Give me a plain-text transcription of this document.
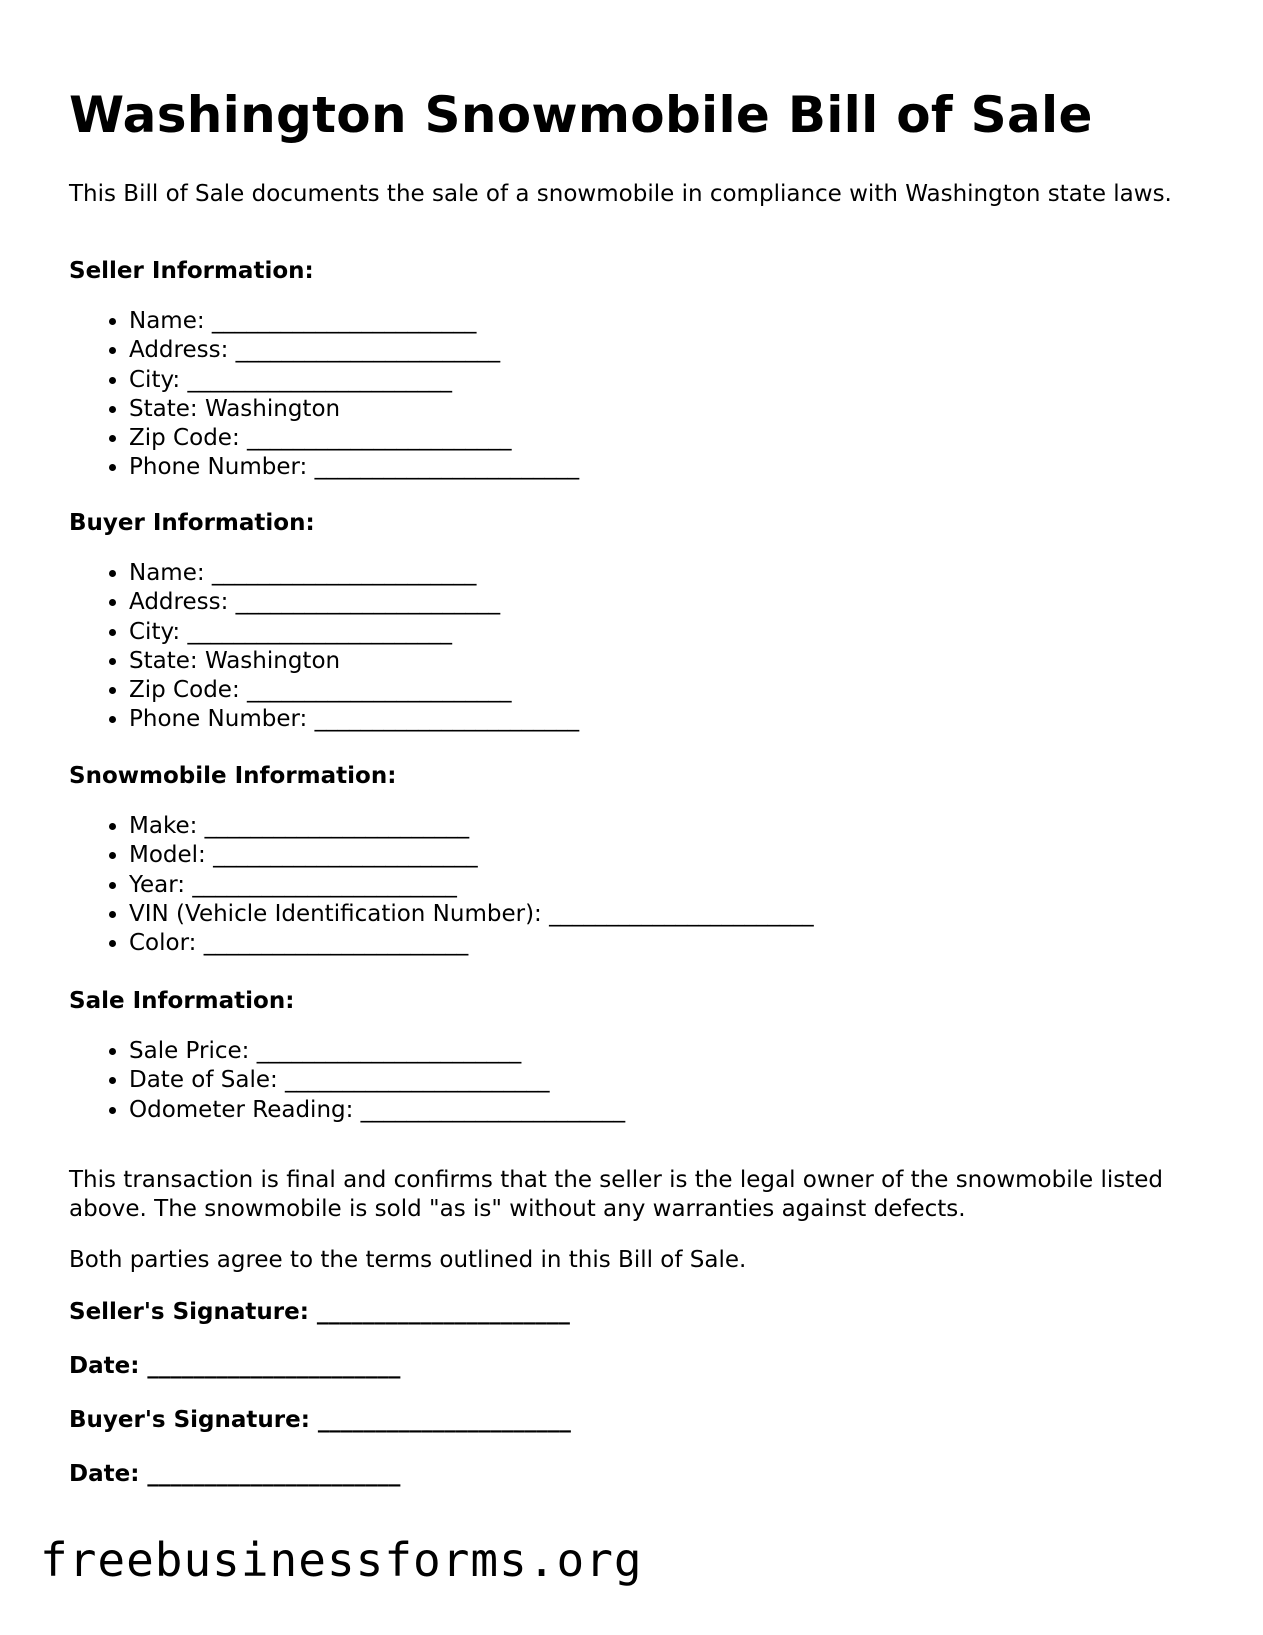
Washington Snowmobile Bill of Sale

This Bill of Sale documents the sale of a snowmobile in compliance with Washington state laws.

Seller Information:

• Name: _______________________
• Address: _______________________
• City: _______________________
• State: Washington
• Zip Code: _______________________
• Phone Number: _______________________

Buyer Information:

• Name: _______________________
• Address: _______________________
• City: _______________________
• State: Washington
• Zip Code: _______________________
• Phone Number: _______________________

Snowmobile Information:

• Make: _______________________
• Model: _______________________
• Year: _______________________
• VIN (Vehicle Identification Number): _______________________
• Color: _______________________

Sale Information:

• Sale Price: _______________________
• Date of Sale: _______________________
• Odometer Reading: _______________________

This transaction is final and confirms that the seller is the legal owner of the snowmobile listed above. The snowmobile is sold "as is" without any warranties against defects.

Both parties agree to the terms outlined in this Bill of Sale.

Seller's Signature: ______________________

Date: ______________________

Buyer's Signature: ______________________

Date: ______________________

freebusinessforms.org
